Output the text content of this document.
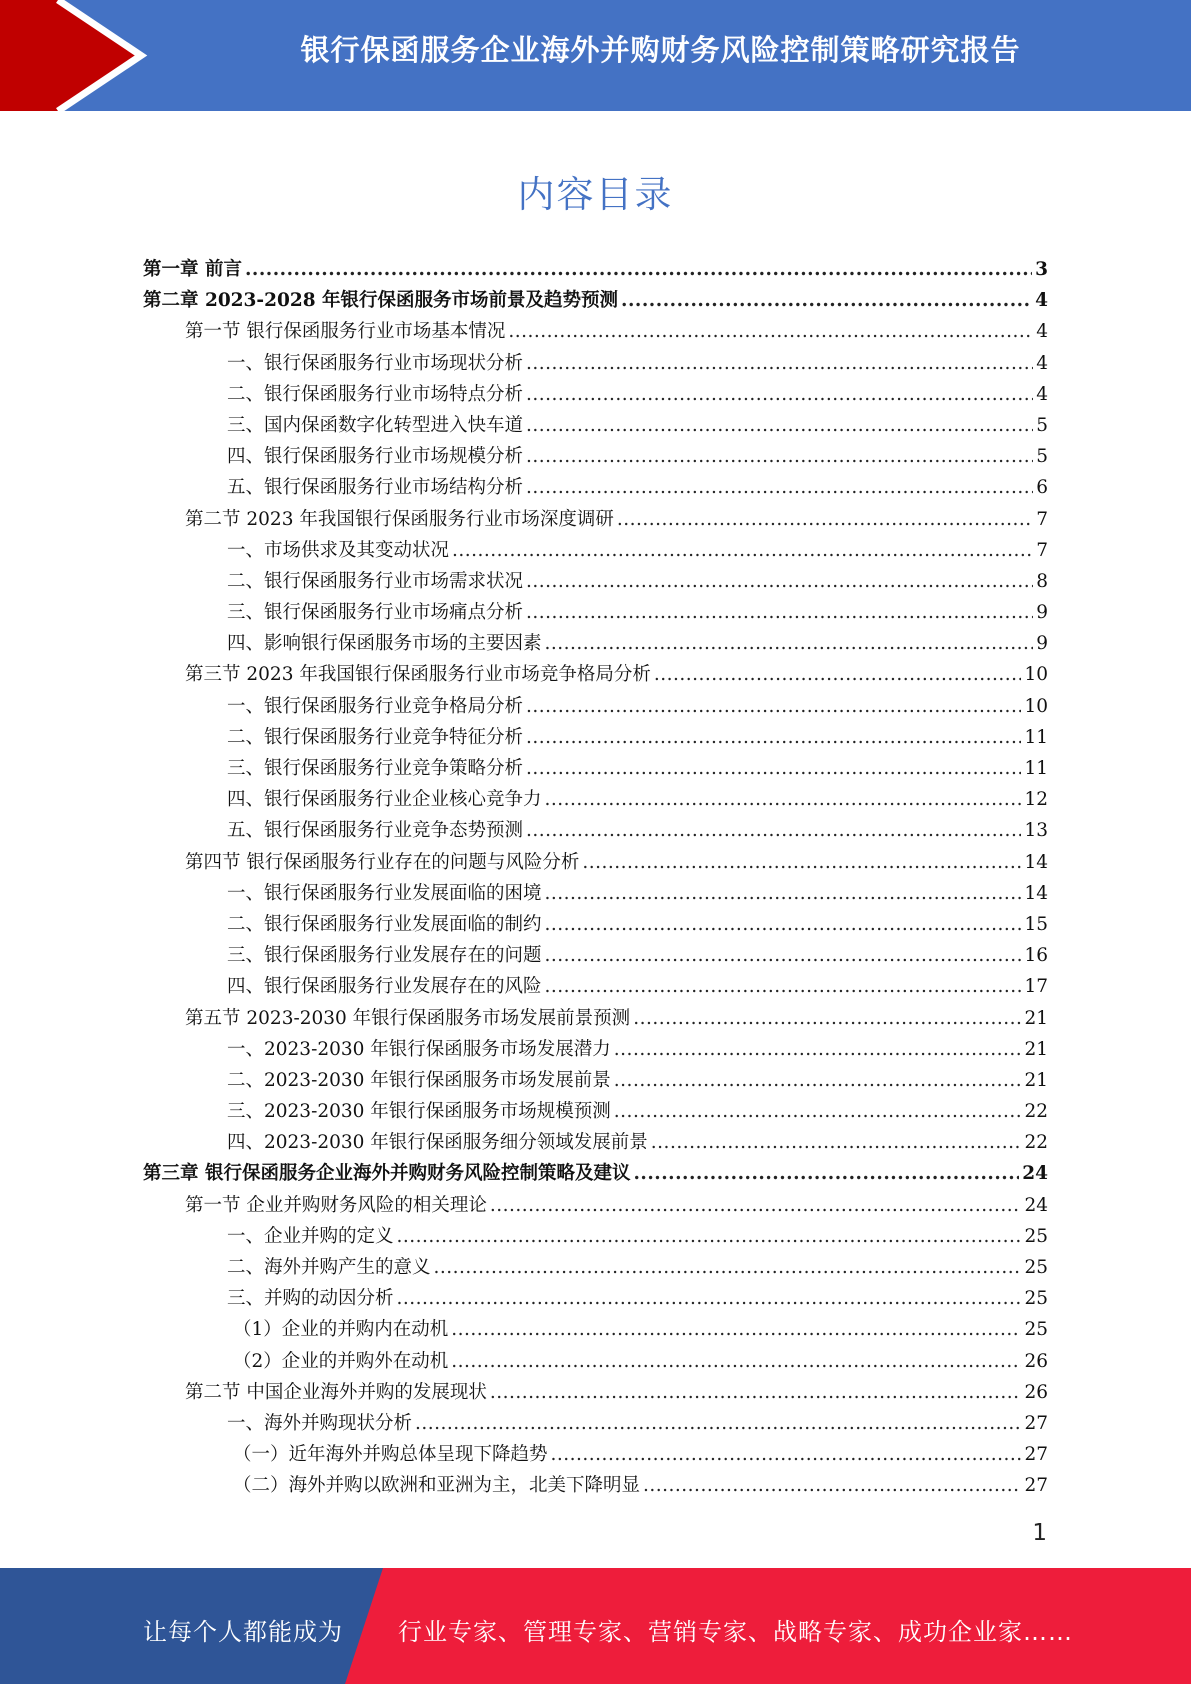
银行保函服务企业海外并购财务风险控制策略研究报告
内容目录
第一章 前言 .....	3
第二章 2023-2028 年银行保函服务市场前景及趋势预测 .....	4
第一节 银行保函服务行业市场基本情况 .....	4
一、银行保函服务行业市场现状分析 .....	4
二、银行保函服务行业市场特点分析 .....	4
三、国内保函数字化转型进入快车道 .....	5
四、银行保函服务行业市场规模分析 .....	5
五、银行保函服务行业市场结构分析 .....	6
第二节 2023 年我国银行保函服务行业市场深度调研 .....	7
一、市场供求及其变动状况 .....	7
二、银行保函服务行业市场需求状况 .....	8
三、银行保函服务行业市场痛点分析 .....	9
四、影响银行保函服务市场的主要因素 .....	9
第三节 2023 年我国银行保函服务行业市场竞争格局分析 .....	10
一、银行保函服务行业竞争格局分析 .....	10
二、银行保函服务行业竞争特征分析 .....	11
三、银行保函服务行业竞争策略分析 .....	11
四、银行保函服务行业企业核心竞争力 .....	12
五、银行保函服务行业竞争态势预测 .....	13
第四节 银行保函服务行业存在的问题与风险分析 .....	14
一、银行保函服务行业发展面临的困境 .....	14
二、银行保函服务行业发展面临的制约 .....	15
三、银行保函服务行业发展存在的问题 .....	16
四、银行保函服务行业发展存在的风险 .....	17
第五节 2023-2030 年银行保函服务市场发展前景预测 .....	21
一、2023-2030 年银行保函服务市场发展潜力 .....	21
二、2023-2030 年银行保函服务市场发展前景 .....	21
三、2023-2030 年银行保函服务市场规模预测 .....	22
四、2023-2030 年银行保函服务细分领域发展前景 .....	22
第三章 银行保函服务企业海外并购财务风险控制策略及建议 .....	24
第一节 企业并购财务风险的相关理论 .....	24
一、企业并购的定义 .....	25
二、海外并购产生的意义 .....	25
三、并购的动因分析 .....	25
（1）企业的并购内在动机 .....	25
（2）企业的并购外在动机 .....	26
第二节 中国企业海外并购的发展现状 .....	26
一、海外并购现状分析 .....	27
（一）近年海外并购总体呈现下降趋势 .....	27
（二）海外并购以欧洲和亚洲为主，北美下降明显 .....	27
1
让每个人都能成为 行业专家、管理专家、营销专家、战略专家、成功企业家……
